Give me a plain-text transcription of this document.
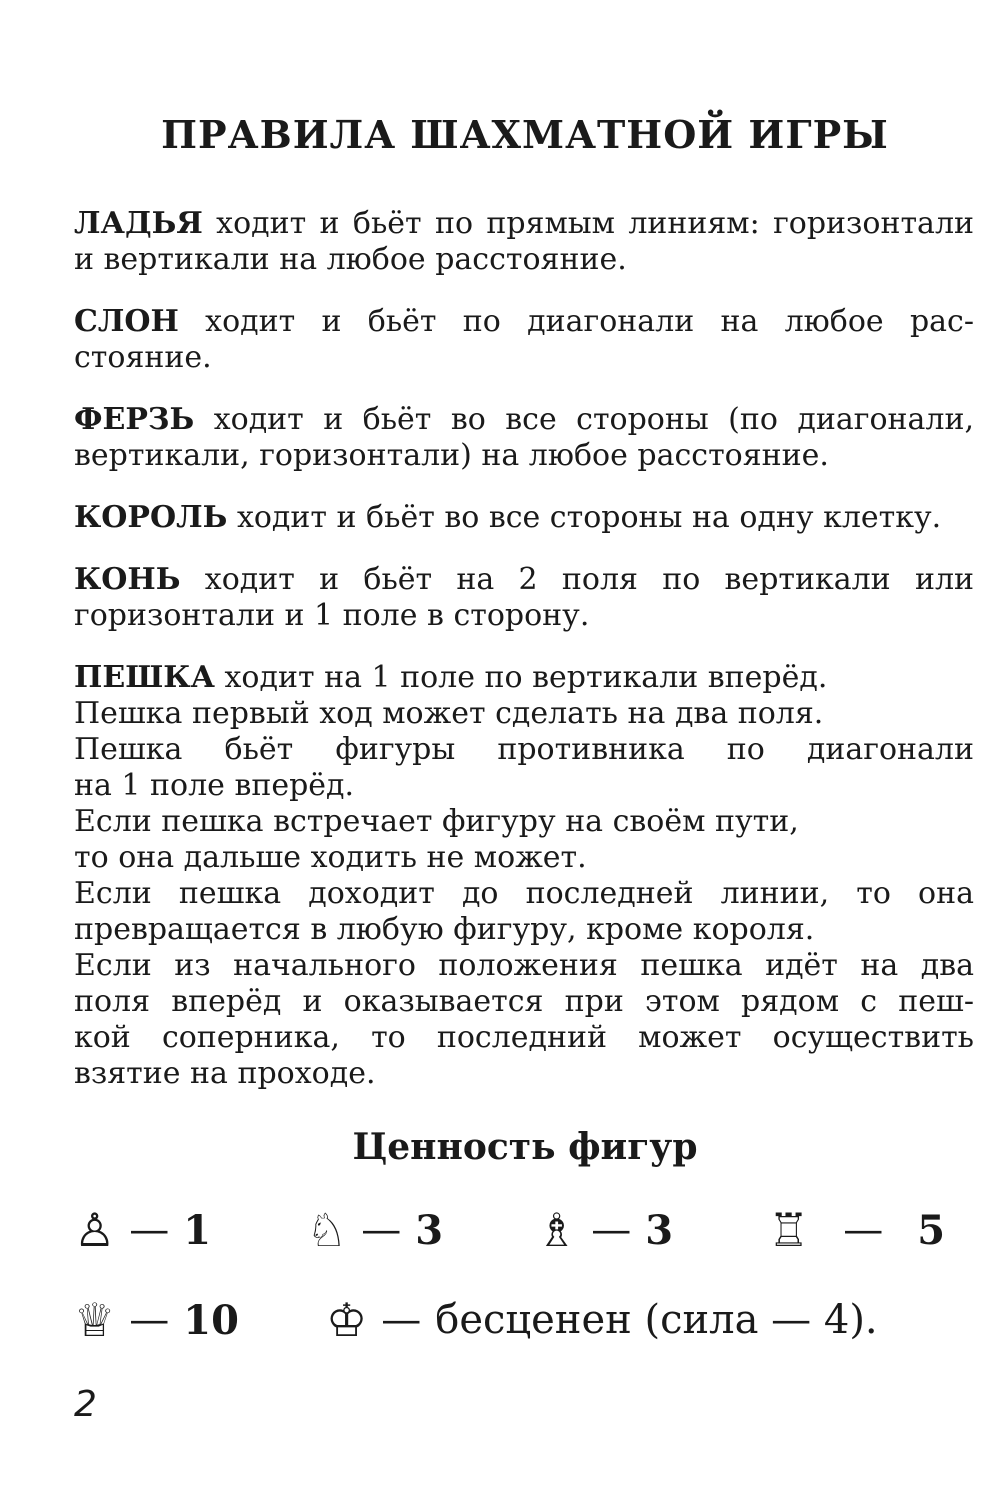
ПРАВИЛА ШАХМАТНОЙ ИГРЫ
ЛАДЬЯ ходит и бьёт по прямым линиям: горизонтали
и вертикали на любое расстояние.
СЛОН ходит и бьёт по диагонали на любое рас-
стояние.
ФЕРЗЬ ходит и бьёт во все стороны (по диагонали,
вертикали, горизонтали) на любое расстояние.
КОРОЛЬ ходит и бьёт во все стороны на одну клетку.
КОНЬ ходит и бьёт на 2 поля по вертикали или
горизонтали и 1 поле в сторону.
ПЕШКА ходит на 1 поле по вертикали вперёд.
Пешка первый ход может сделать на два поля.
Пешка бьёт фигуры противника по диагонали
на 1 поле вперёд.
Если пешка встречает фигуру на своём пути,
то она дальше ходить не может.
Если пешка доходит до последней линии, то она
превращается в любую фигуру, кроме короля.
Если из начального положения пешка идёт на два
поля вперёд и оказывается при этом рядом с пеш-
кой соперника, то последний может осуществить
взятие на проходе.
Ценность фигур
♙ — 1 ♘ — 3 ♗ — 3 ♖ — 5
♕ — 10 ♔ — бесценен (сила — 4).
2
